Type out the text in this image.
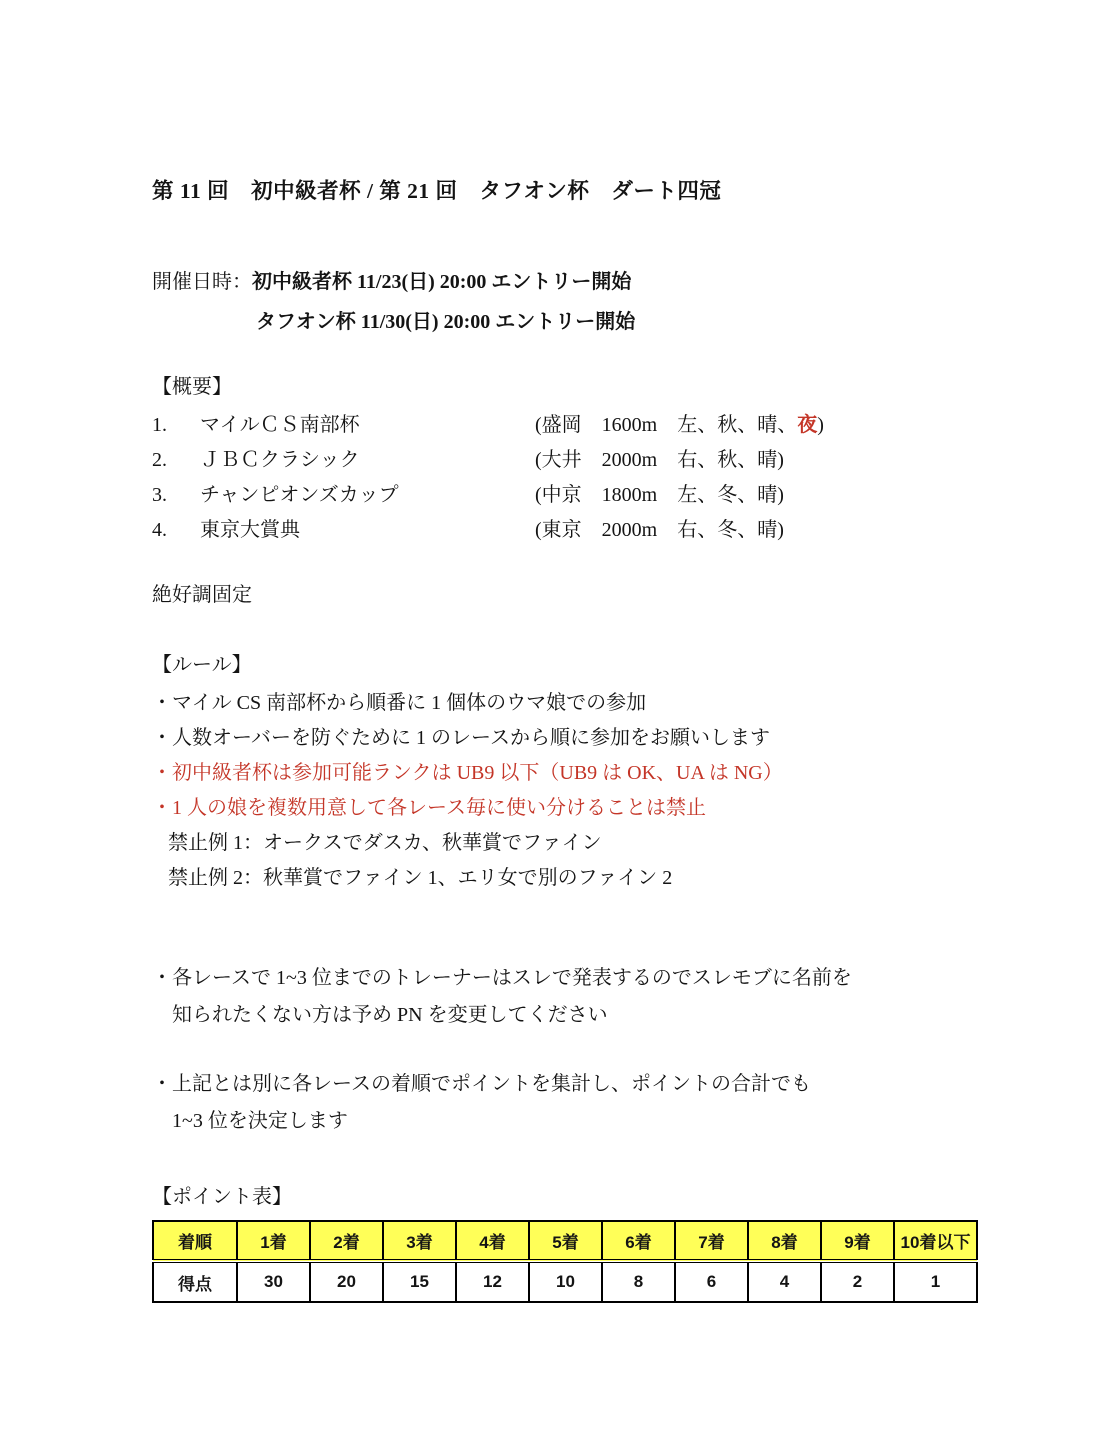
第 11 回　初中級者杯 / 第 21 回　タフオン杯　ダート四冠
開催日時：初中級者杯 11/23(日) 20:00 エントリー開始
タフオン杯 11/30(日) 20:00 エントリー開始
【概要】
1.	マイルＣＳ南部杯	(盛岡　1600m　左、秋、晴、夜)
2.	ＪＢＣクラシック	(大井　2000m　右、秋、晴)
3.	チャンピオンズカップ	(中京　1800m　左、冬、晴)
4.	東京大賞典	(東京　2000m　右、冬、晴)
絶好調固定
【ルール】
・マイル CS 南部杯から順番に 1 個体のウマ娘での参加
・人数オーバーを防ぐために 1 のレースから順に参加をお願いします
・初中級者杯は参加可能ランクは UB9 以下（UB9 は OK、UA は NG）
・1 人の娘を複数用意して各レース毎に使い分けることは禁止
禁止例 1：オークスでダスカ、秋華賞でファイン
禁止例 2：秋華賞でファイン 1、エリ女で別のファイン 2
・各レースで 1~3 位までのトレーナーはスレで発表するのでスレモブに名前を
知られたくない方は予め PN を変更してください
・上記とは別に各レースの着順でポイントを集計し、ポイントの合計でも
1~3 位を決定します
【ポイント表】
着順	1着	2着	3着	4着	5着	6着	7着	8着	9着	10着以下
得点	30	20	15	12	10	8	6	4	2	1
